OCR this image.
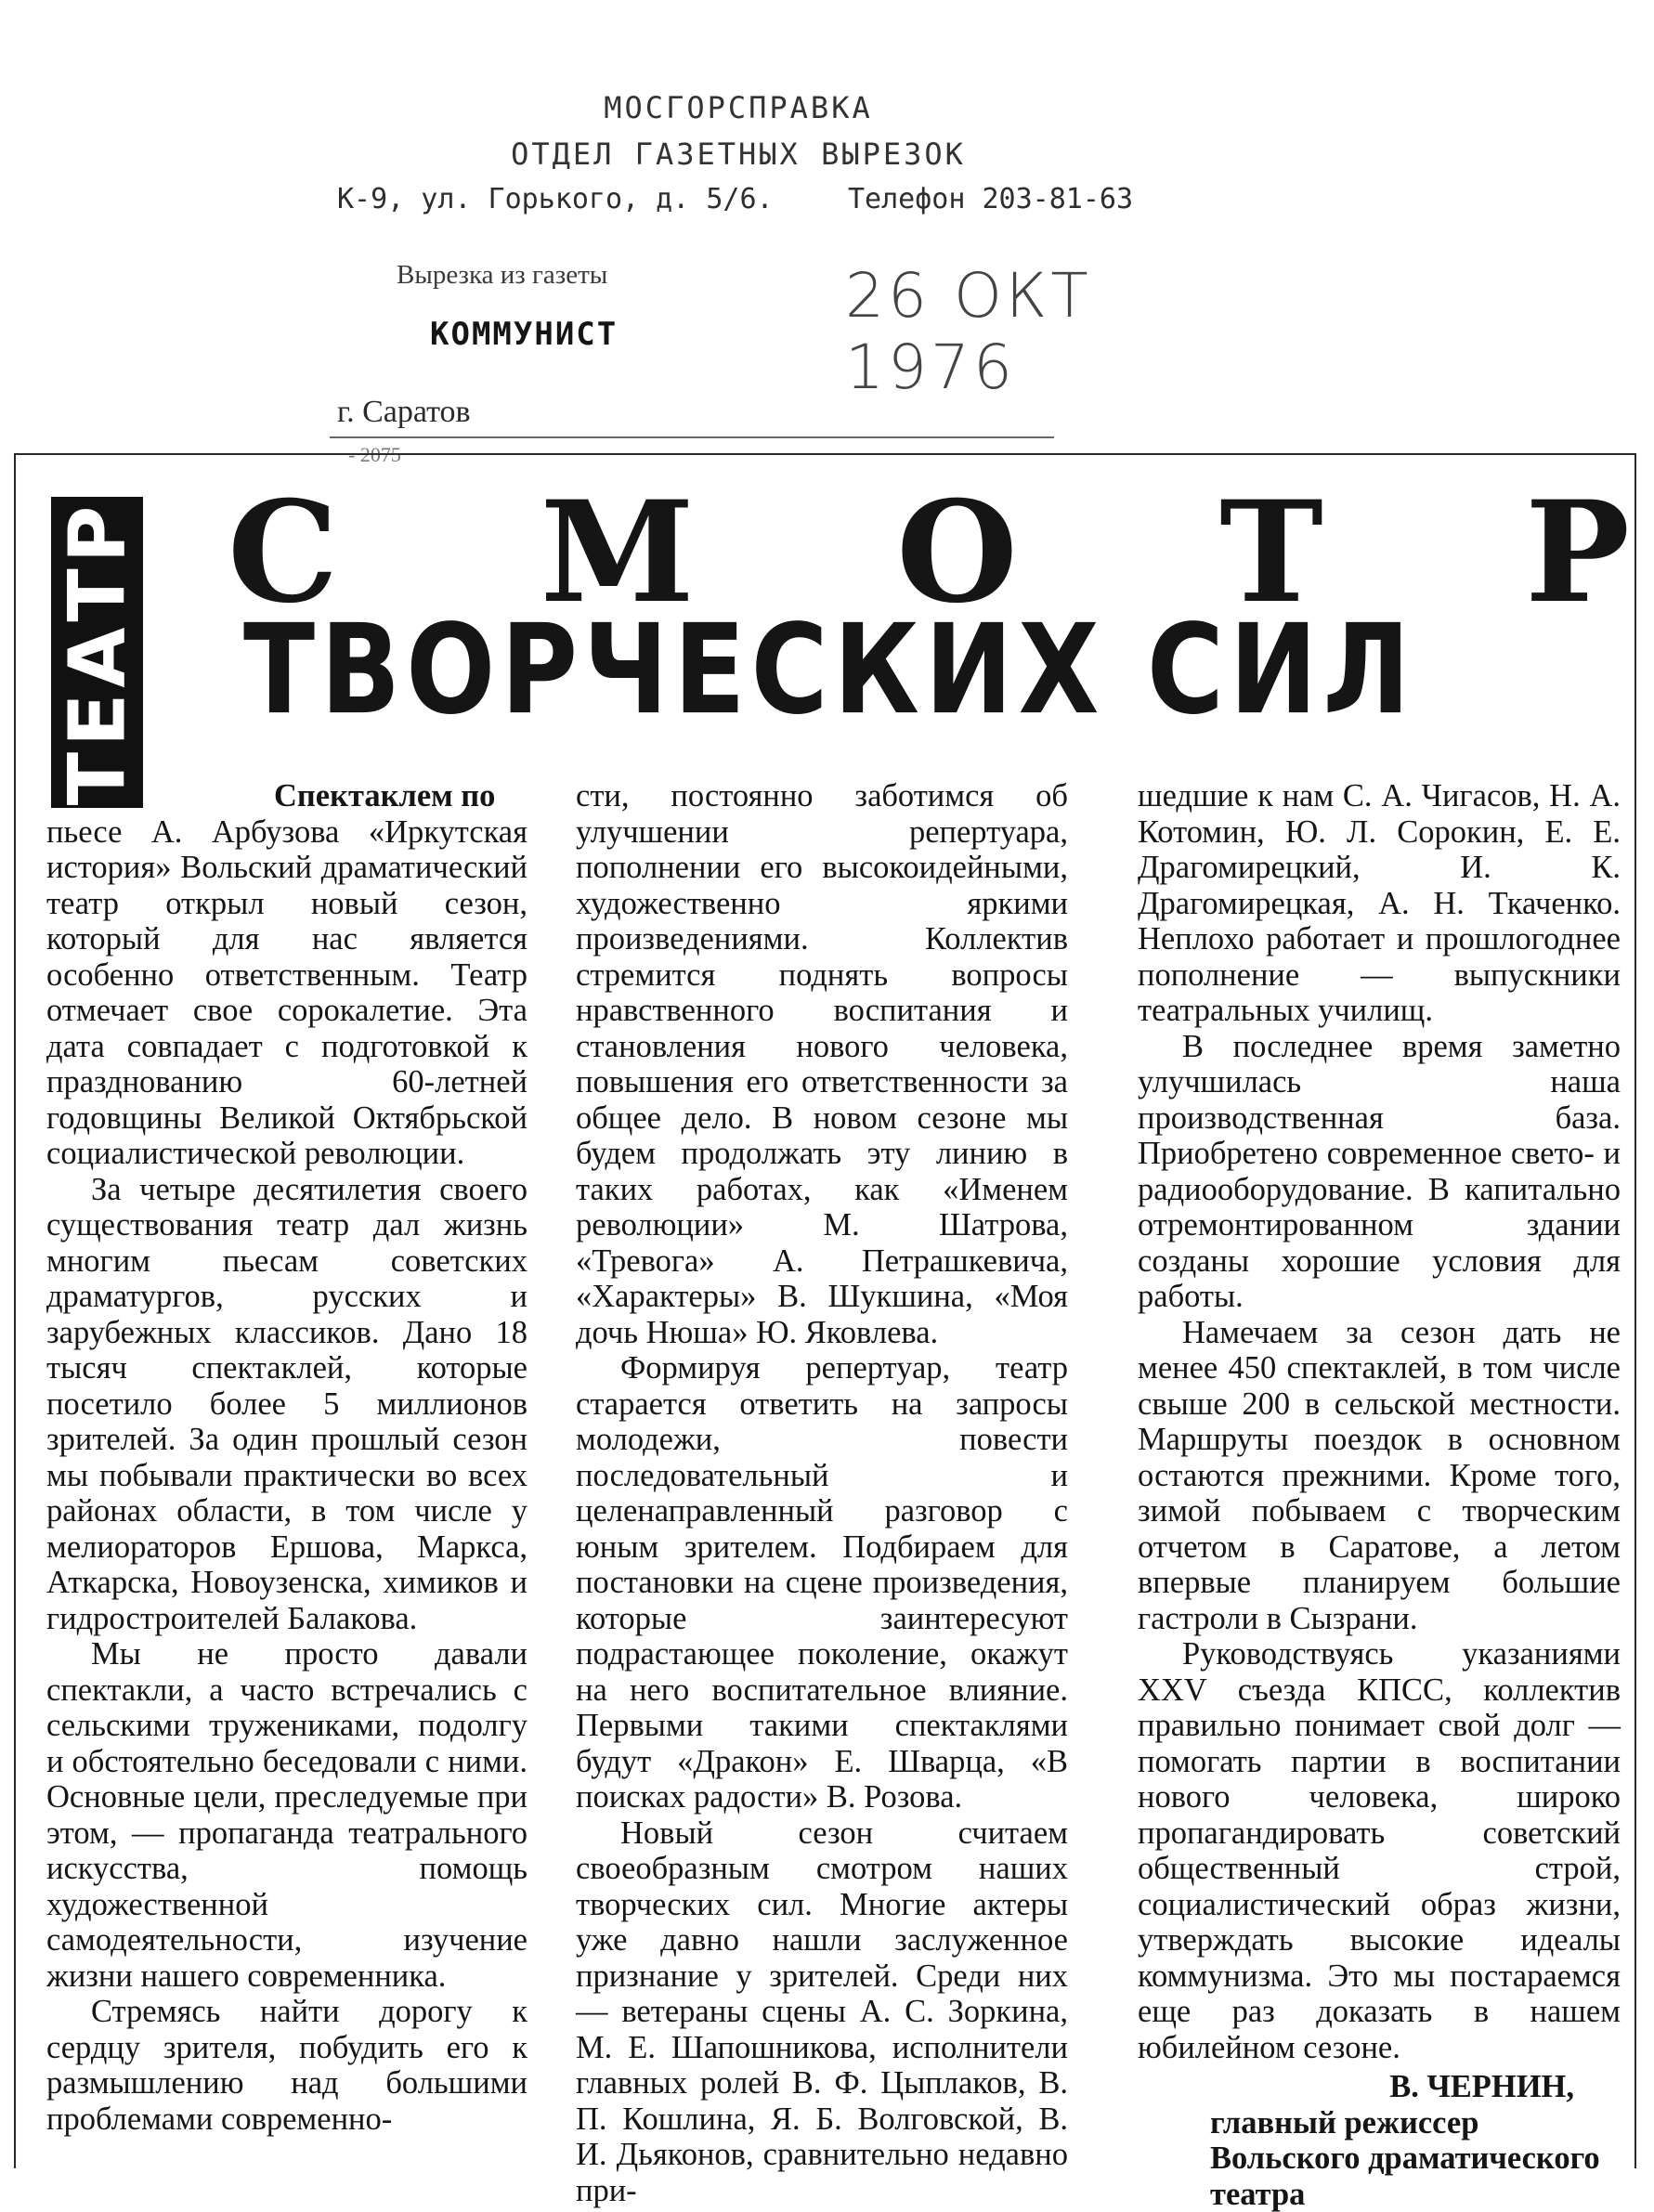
МОСГОРСПРАВКА
ОТДЕЛ ГАЗЕТНЫХ ВЫРЕЗОК
К-9, ул. Горького, д. 5/6.	Телефон 203-81-63
Вырезка из газеты
КОММУНИСТ
26 ОКТ 1976
г. Саратов
- 2075
ТЕАТР С М О Т Р
ТВОРЧЕСКИХ СИЛ

Спектаклем по пьесе А. Арбузова «Иркутская история» Вольский драматический театр открыл новый сезон, который для нас является особенно ответственным. Театр отмечает свое сорокалетие. Эта дата совпадает с подготовкой к празднованию 60-летней годовщины Великой Октябрьской социалистической революции.

За четыре десятилетия своего существования театр дал жизнь многим пьесам советских драматургов, русских и зарубежных классиков. Дано 18 тысяч спектаклей, которые посетило более 5 миллионов зрителей. За один прошлый сезон мы побывали практически во всех районах области, в том числе у мелиораторов Ершова, Маркса, Аткарска, Новоузенска, химиков и гидростроителей Балакова.

Мы не просто давали спектакли, а часто встречались с сельскими тружениками, подолгу и обстоятельно беседовали с ними. Основные цели, преследуемые при этом, — пропаганда театрального искусства, помощь художественной самодеятельности, изучение жизни нашего современника.

Стремясь найти дорогу к сердцу зрителя, побудить его к размышлению над большими проблемами современно-

сти, постоянно заботимся об улучшении репертуара, пополнении его высокоидейными, художественно яркими произведениями. Коллектив стремится поднять вопросы нравственного воспитания и становления нового человека, повышения его ответственности за общее дело. В новом сезоне мы будем продолжать эту линию в таких работах, как «Именем революции» М. Шатрова, «Тревога» А. Петрашкевича, «Характеры» В. Шукшина, «Моя дочь Нюша» Ю. Яковлева.

Формируя репертуар, театр старается ответить на запросы молодежи, повести последовательный и целенаправленный разговор с юным зрителем. Подбираем для постановки на сцене произведения, которые заинтересуют подрастающее поколение, окажут на него воспитательное влияние. Первыми такими спектаклями будут «Дракон» Е. Шварца, «В поисках радости» В. Розова.

Новый сезон считаем своеобразным смотром наших творческих сил. Многие актеры уже давно нашли заслуженное признание у зрителей. Среди них — ветераны сцены А. С. Зоркина, М. Е. Шапошникова, исполнители главных ролей В. Ф. Цыплаков, В. П. Кошлина, Я. Б. Волговской, В. И. Дьяконов, сравнительно недавно при-

шедшие к нам С. А. Чигасов, Н. А. Котомин, Ю. Л. Сорокин, Е. Е. Драгомирецкий, И. К. Драгомирецкая, А. Н. Ткаченко. Неплохо работает и прошлогоднее пополнение — выпускники театральных училищ.

В последнее время заметно улучшилась наша производственная база. Приобретено современное свето- и радиооборудование. В капитально отремонтированном здании созданы хорошие условия для работы.

Намечаем за сезон дать не менее 450 спектаклей, в том числе свыше 200 в сельской местности. Маршруты поездок в основном остаются прежними. Кроме того, зимой побываем с творческим отчетом в Саратове, а летом впервые планируем большие гастроли в Сызрани.

Руководствуясь указаниями XXV съезда КПСС, коллектив правильно понимает свой долг — помогать партии в воспитании нового человека, широко пропагандировать советский общественный строй, социалистический образ жизни, утверждать высокие идеалы коммунизма. Это мы постараемся еще раз доказать в нашем юбилейном сезоне.

В. ЧЕРНИН,

главный режиссер Вольского драматического театра
